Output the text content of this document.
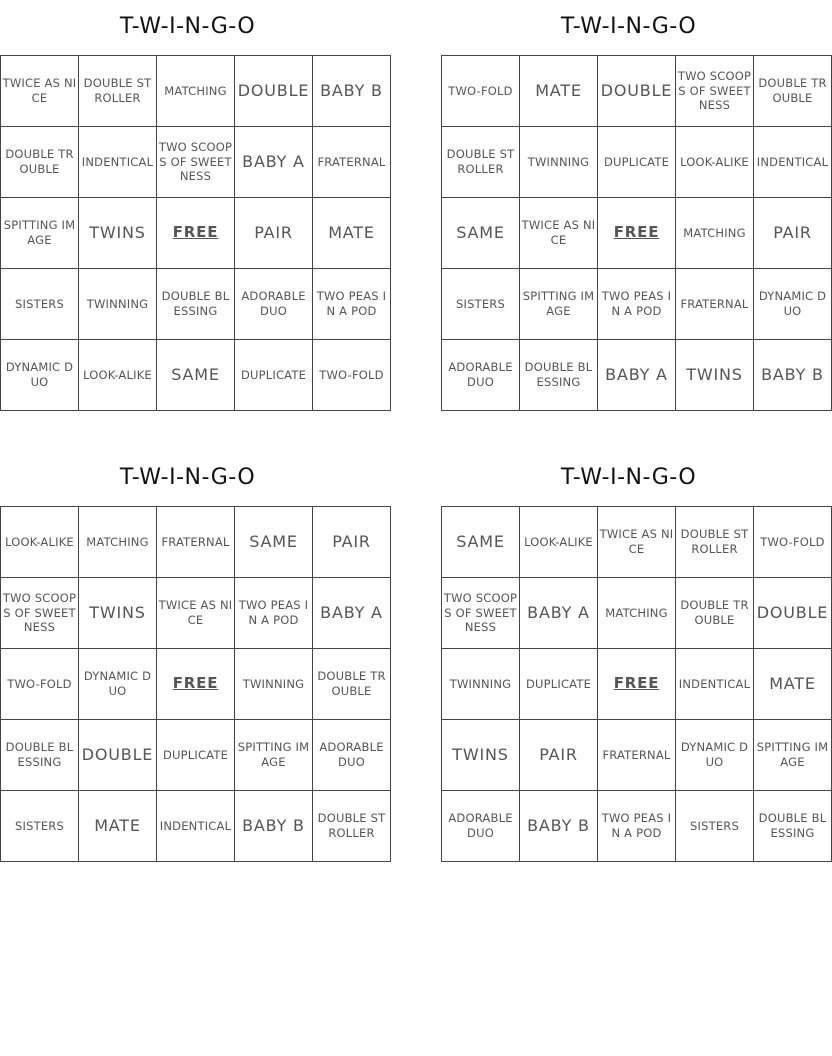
T-W-I-N-G-O
TWICE AS NICE	DOUBLE STROLLER	MATCHING	DOUBLE	BABY B
DOUBLE TROUBLE	INDENTICAL	TWO SCOOPS OF SWEETNESS	BABY A	FRATERNAL
SPITTING IMAGE	TWINS	FREE	PAIR	MATE
SISTERS	TWINNING	DOUBLE BLESSING	ADORABLE DUO	TWO PEAS IN A POD
DYNAMIC DUO	LOOK-ALIKE	SAME	DUPLICATE	TWO-FOLD
T-W-I-N-G-O
TWO-FOLD	MATE	DOUBLE	TWO SCOOPS OF SWEETNESS	DOUBLE TROUBLE
DOUBLE STROLLER	TWINNING	DUPLICATE	LOOK-ALIKE	INDENTICAL
SAME	TWICE AS NICE	FREE	MATCHING	PAIR
SISTERS	SPITTING IMAGE	TWO PEAS IN A POD	FRATERNAL	DYNAMIC DUO
ADORABLE DUO	DOUBLE BLESSING	BABY A	TWINS	BABY B
T-W-I-N-G-O
LOOK-ALIKE	MATCHING	FRATERNAL	SAME	PAIR
TWO SCOOPS OF SWEETNESS	TWINS	TWICE AS NICE	TWO PEAS IN A POD	BABY A
TWO-FOLD	DYNAMIC DUO	FREE	TWINNING	DOUBLE TROUBLE
DOUBLE BLESSING	DOUBLE	DUPLICATE	SPITTING IMAGE	ADORABLE DUO
SISTERS	MATE	INDENTICAL	BABY B	DOUBLE STROLLER
T-W-I-N-G-O
SAME	LOOK-ALIKE	TWICE AS NICE	DOUBLE STROLLER	TWO-FOLD
TWO SCOOPS OF SWEETNESS	BABY A	MATCHING	DOUBLE TROUBLE	DOUBLE
TWINNING	DUPLICATE	FREE	INDENTICAL	MATE
TWINS	PAIR	FRATERNAL	DYNAMIC DUO	SPITTING IMAGE
ADORABLE DUO	BABY B	TWO PEAS IN A POD	SISTERS	DOUBLE BLESSING
